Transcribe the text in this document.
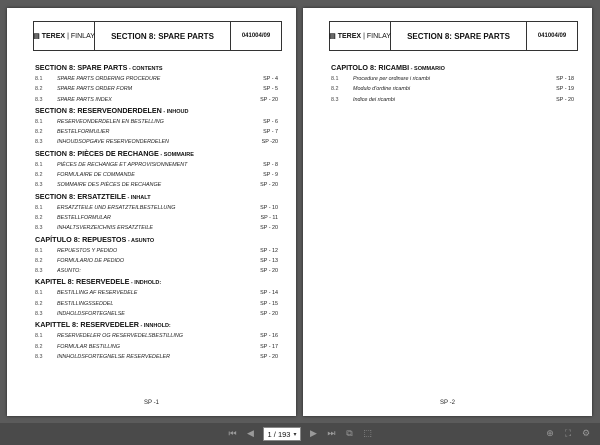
▤ TEREX | FINLAY	SECTION 8: SPARE PARTS	041004/09
SECTION 8: SPARE PARTS - CONTENTS
8.1	SPARE PARTS ORDERING PROCEDURE	SP - 4
8.2	SPARE PARTS ORDER FORM	SP - 5
8.3	SPARE PARTS INDEX	SP - 20
SECTION 8: RESERVEONDERDELEN - INHOUD
8.1	RESERVEONDERDELEN EN BESTELLING	SP - 6
8.2	BESTELFORMULIER	SP - 7
8.3	INHOUDSOPGAVE RESERVEONDERDELEN	SP -20
SECTION 8: PIÈCES DE RECHANGE - SOMMAIRE
8.1	PIÈCES DE RECHANGE ET APPROVISIONNEMENT	SP - 8
8.2	FORMULAIRE DE COMMANDE	SP - 9
8.3	SOMMAIRE DES PIÈCES DE RECHANGE	SP - 20
SECTION 8: ERSATZTEILE - INHALT
8.1	ERSATZTEILE UND ERSATZTEILBESTELLUNG	SP - 10
8.2	BESTELLFORMULAR	SP - 11
8.3	INHALTSVERZEICHNIS ERSATZTEILE	SP - 20
CAPÍTULO 8: REPUESTOS - ASUNTO
8.1	REPUESTOS Y PEDIDO	SP - 12
8.2	FORMULARIO DE PEDIDO	SP - 13
8.3	ASUNTO:	SP - 20
KAPITEL 8: RESERVEDELE - INDHOLD:
8.1	BESTILLING AF RESERVEDELE	SP - 14
8.2	BESTILLINGSSEDDEL	SP - 15
8.3	INDHOLDSFORTEGNELSE	SP - 20
KAPITTEL 8: RESERVEDELER - INNHOLD:
8.1	RESERVEDELER OG RESERVEDELSBESTILLING	SP - 16
8.2	FORMULAR BESTILLING	SP - 17
8.3	INNHOLDSFORTEGNELSE RESERVEDELER	SP - 20
SP -1
▤ TEREX | FINLAY	SECTION 8: SPARE PARTS	041004/09
CAPITOLO 8: RICAMBI - SOMMARIO
8.1	Procedure per ordinare i ricambi	SP - 18
8.2	Modulo d'ordine ricambi	SP - 19
8.3	Indice dei ricambi	SP - 20
SP -2
⏮ ◀	1 / 193 ▾ ▶ ⏭	⧉	⬚	⊕	⛶	⚙
